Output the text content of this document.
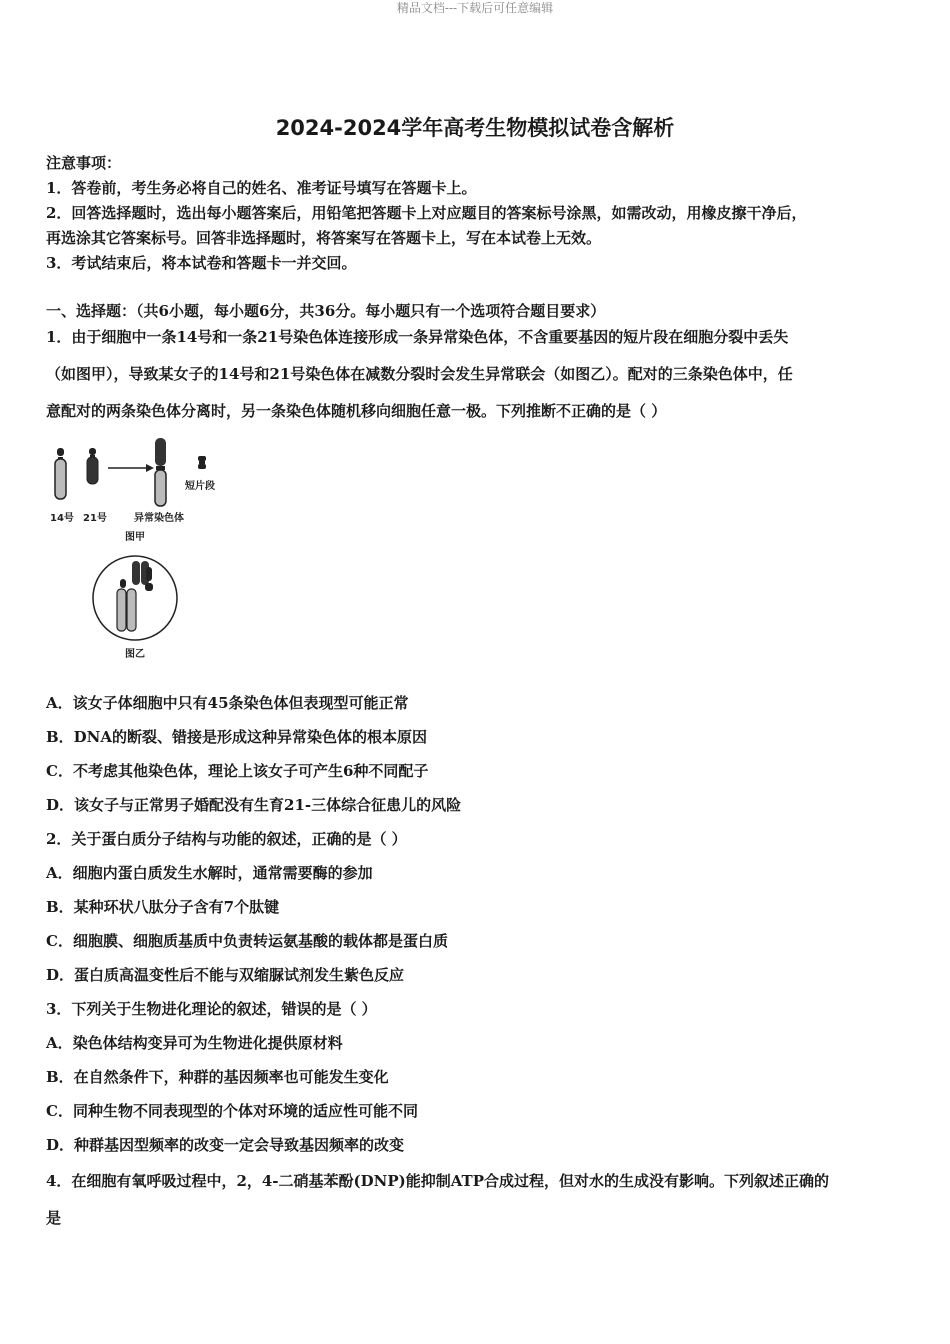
精品文档---下载后可任意编辑
2024-2024学年高考生物模拟试卷含解析
注意事项：
1．答卷前，考生务必将自己的姓名、准考证号填写在答题卡上。
2．回答选择题时，选出每小题答案后，用铅笔把答题卡上对应题目的答案标号涂黑，如需改动，用橡皮擦干净后，
再选涂其它答案标号。回答非选择题时，将答案写在答题卡上，写在本试卷上无效。
3．考试结束后，将本试卷和答题卡一并交回。
一、选择题：（共6小题，每小题6分，共36分。每小题只有一个选项符合题目要求）
1．由于细胞中一条14号和一条21号染色体连接形成一条异常染色体，不含重要基因的短片段在细胞分裂中丢失
（如图甲），导致某女子的14号和21号染色体在减数分裂时会发生异常联会（如图乙）。配对的三条染色体中，任
意配对的两条染色体分离时，另一条染色体随机移向细胞任意一极。下列推断不正确的是（ ）
短片段
14号 21号	异常染色体
图甲
图乙
A．该女子体细胞中只有45条染色体但表现型可能正常
B．DNA的断裂、错接是形成这种异常染色体的根本原因
C．不考虑其他染色体，理论上该女子可产生6种不同配子
D．该女子与正常男子婚配没有生育21-三体综合征患儿的风险
2．关于蛋白质分子结构与功能的叙述，正确的是（ ）
A．细胞内蛋白质发生水解时，通常需要酶的参加
B．某种环状八肽分子含有7个肽键
C．细胞膜、细胞质基质中负责转运氨基酸的载体都是蛋白质
D．蛋白质高温变性后不能与双缩脲试剂发生紫色反应
3．下列关于生物进化理论的叙述，错误的是（ ）
A．染色体结构变异可为生物进化提供原材料
B．在自然条件下，种群的基因频率也可能发生变化
C．同种生物不同表现型的个体对环境的适应性可能不同
D．种群基因型频率的改变一定会导致基因频率的改变
4．在细胞有氧呼吸过程中，2，4-二硝基苯酚(DNP)能抑制ATP合成过程，但对水的生成没有影响。下列叙述正确的
是
